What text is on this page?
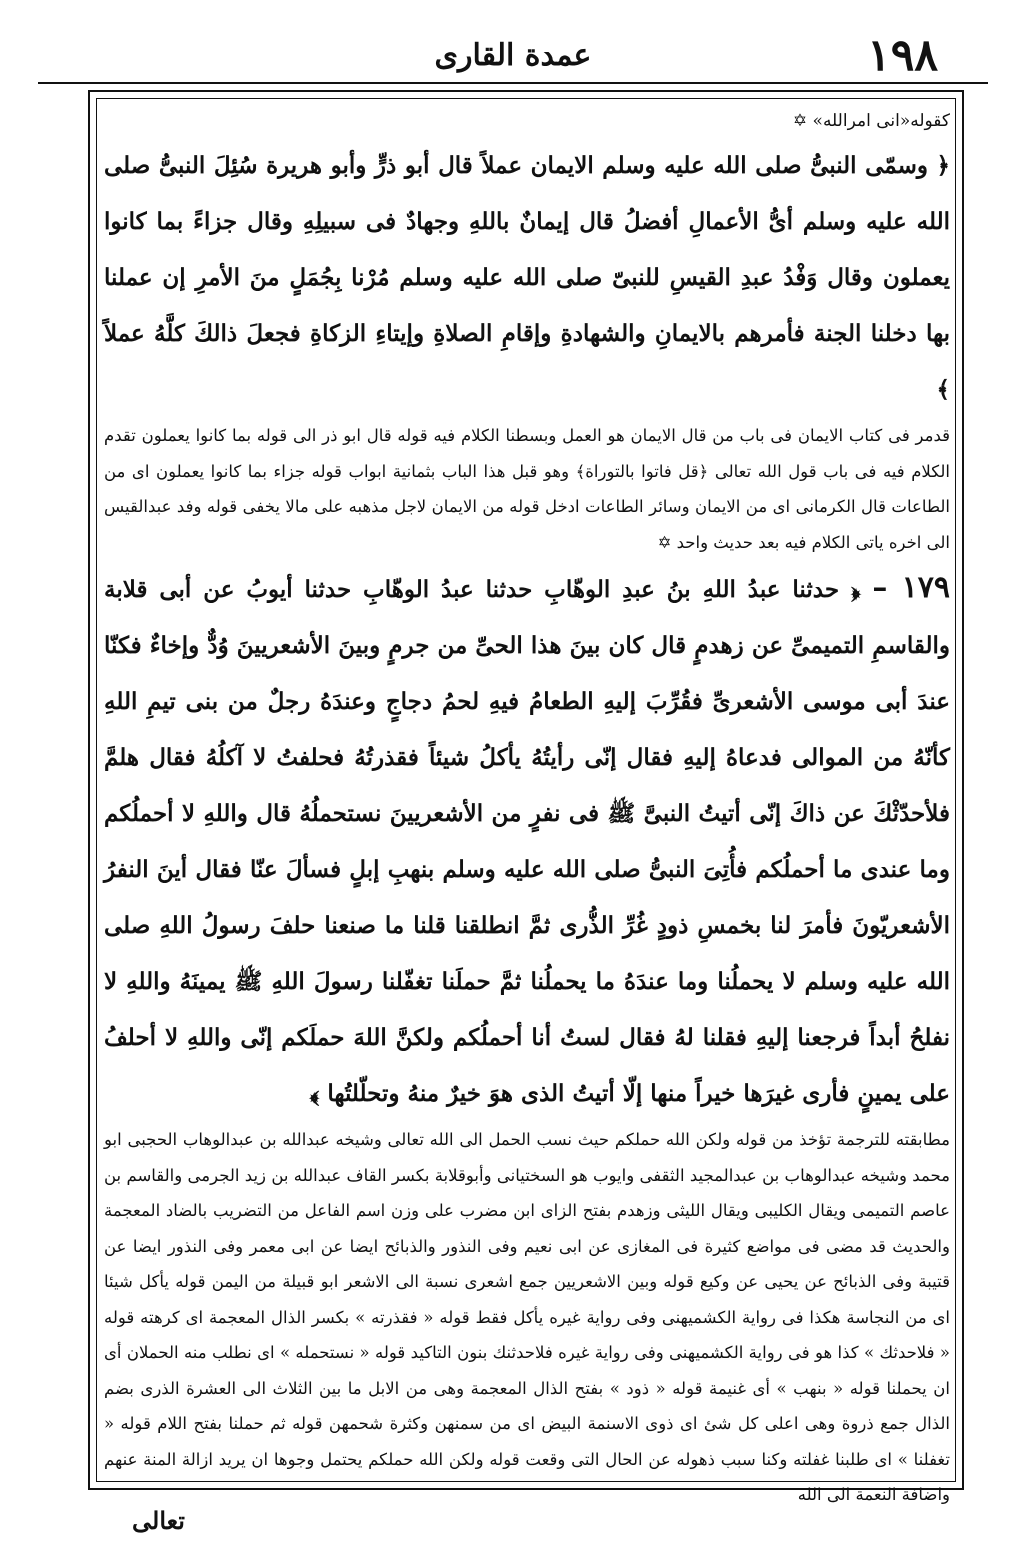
۱۹۸
عمدة القارى

كقوله«انى امرالله» ✡

﴿ وسمّى النبىُّ صلى الله عليه وسلم الايمان عملاً قال أبو ذرٍّ وأبو هريرة سُئِلَ النبىُّ صلى الله عليه وسلم أىُّ الأعمالِ أفضلُ قال إيمانٌ باللهِ وجهادٌ فى سبيلِهِ وقال جزاءً بما كانوا يعملون وقال وَفْدُ عبدِ القيسِ للنبىّ صلى الله عليه وسلم مُرْنا بِجُمَلٍ منَ الأمرِ إن عملنا بها دخلنا الجنة فأمرهم بالايمانِ والشهادةِ وإقامِ الصلاةِ وإيتاءِ الزكاةِ فجعلَ ذالكَ كلَّهُ عملاً ﴾

قدمر فى كتاب الايمان فى باب من قال الايمان هو العمل وبسطنا الكلام فيه قوله قال ابو ذر الى قوله بما كانوا يعملون تقدم الكلام فيه فى باب قول الله تعالى ﴿قل فاتوا بالتوراة﴾ وهو قبل هذا الباب بثمانية ابواب قوله جزاء بما كانوا يعملون اى من الطاعات قال الكرمانى اى من الايمان وسائر الطاعات ادخل قوله من الايمان لاجل مذهبه على مالا يخفى قوله وفد عبدالقيس الى اخره ياتى الكلام فيه بعد حديث واحد ✡

١٧٩ – ﴿ حدثنا عبدُ اللهِ بنُ عبدِ الوهّابِ حدثنا عبدُ الوهّابِ حدثنا أيوبُ عن أبى قلابة والقاسمِ التميمىِّ عن زهدمٍ قال كان بينَ هذا الحىِّ من جرمٍ وبينَ الأشعريينَ وُدٌّ وإخاءٌ فكنّا عندَ أبى موسى الأشعرىِّ فقُرِّبَ إليهِ الطعامُ فيهِ لحمُ دجاجٍ وعندَهُ رجلٌ من بنى تيمِ اللهِ كأنّهُ من الموالى فدعاهُ إليهِ فقال إنّى رأيتُهُ يأكلُ شيئاً فقذرتُهُ فحلفتُ لا آكلُهُ فقال هلمَّ فلأحدّثْكَ عن ذاكَ إنّى أتيتُ النبىَّ ﷺ فى نفرٍ من الأشعريينَ نستحملُهُ قال واللهِ لا أحملُكم وما عندى ما أحملُكم فأُتِىَ النبىُّ صلى الله عليه وسلم بنهبِ إبلٍ فسألَ عنّا فقال أينَ النفرُ الأشعريّونَ فأمرَ لنا بخمسِ ذودٍ غُرِّ الذُّرى ثمَّ انطلقنا قلنا ما صنعنا حلفَ رسولُ اللهِ صلى الله عليه وسلم لا يحملُنا وما عندَهُ ما يحملُنا ثمَّ حملَنا تغفّلنا رسولَ اللهِ ﷺ يمينَهُ واللهِ لا نفلحُ أبداً فرجعنا إليهِ فقلنا لهُ فقال لستُ أنا أحملُكم ولكنَّ اللهَ حملَكم إنّى واللهِ لا أحلفُ على يمينٍ فأرى غيرَها خيراً منها إلّا أتيتُ الذى هوَ خيرٌ منهُ وتحلّلتُها ﴾

مطابقته للترجمة تؤخذ من قوله ولكن الله حملكم حيث نسب الحمل الى الله تعالى وشيخه عبدالله بن عبدالوهاب الحجبى ابو محمد وشيخه عبدالوهاب بن عبدالمجيد الثقفى وايوب هو السختيانى وأبوقلابة بكسر القاف عبدالله بن زيد الجرمى والقاسم بن عاصم التميمى ويقال الكليبى ويقال الليثى وزهدم بفتح الزاى ابن مضرب على وزن اسم الفاعل من التضريب بالضاد المعجمة والحديث قد مضى فى مواضع كثيرة فى المغازى عن ابى نعيم وفى النذور والذبائح ايضا عن ابى معمر وفى النذور ايضا عن قتيبة وفى الذبائح عن يحيى عن وكيع قوله وبين الاشعريين جمع اشعرى نسبة الى الاشعر ابو قبيلة من اليمن قوله يأكل شيئا اى من النجاسة هكذا فى رواية الكشميهنى وفى رواية غيره يأكل فقط قوله « فقذرته » بكسر الذال المعجمة اى كرهته قوله « فلاحدثك » كذا هو فى رواية الكشميهنى وفى رواية غيره فلاحدثنك بنون التاكيد قوله « نستحمله » اى نطلب منه الحملان أى ان يحملنا قوله « بنهب » أى غنيمة قوله « ذود » بفتح الذال المعجمة وهى من الابل ما بين الثلاث الى العشرة الذرى بضم الذال جمع ذروة وهى اعلى كل شئ اى ذوى الاسنمة البيض اى من سمنهن وكثرة شحمهن قوله ثم حملنا بفتح اللام قوله « تغفلنا » اى طلبنا غفلته وكنا سبب ذهوله عن الحال التى وقعت قوله ولكن الله حملكم يحتمل وجوها ان يريد ازالة المنة عنهم واضافة النعمة الى الله

تعالى
